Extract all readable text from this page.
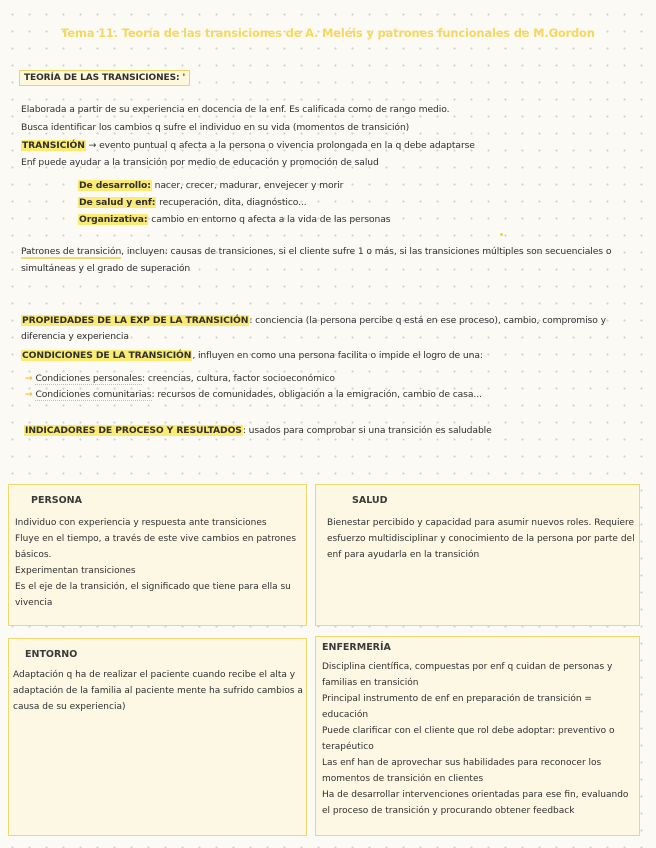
Tema 11. Teoría de las transiciones de A. Meléis y patrones funcionales de M.Gordon
TEORÍA DE LAS TRANSICIONES: '
Elaborada a partir de su experiencia en docencia de la enf. Es calificada como de rango medio.
Busca identificar los cambios q sufre el individuo en su vida (momentos de transición)
TRANSICIÓN → evento puntual q afecta a la persona o vivencia prolongada en la q debe adaptarse
Enf puede ayudar a la transición por medio de educación y promoción de salud
De desarrollo: nacer, crecer, madurar, envejecer y morir
De salud y enf: recuperación, dita, diagnóstico...
Organizativa: cambio en entorno q afecta a la vida de las personas
Patrones de transición, incluyen: causas de transiciones, si el cliente sufre 1 o más, si las transiciones múltiples son secuenciales o simultáneas y el grado de superación
PROPIEDADES DE LA EXP DE LA TRANSICIÓN: conciencia (la persona percibe q está en ese proceso), cambio, compromiso y diferencia y experiencia
CONDICIONES DE LA TRANSICIÓN, influyen en como una persona facilita o impide el logro de una:
→ Condiciones personales: creencias, cultura, factor socioeconómico
→ Condiciones comunitarias: recursos de comunidades, obligación a la emigración, cambio de casa...
INDICADORES DE PROCESO Y RESULTADOS: usados para comprobar si una transición es saludable
PERSONA

Individuo con experiencia y respuesta ante transiciones

Fluye en el tiempo, a través de este vive cambios en patrones básicos.

Experimentan transiciones

Es el eje de la transición, el significado que tiene para ella su vivencia

SALUD

Bienestar percibido y capacidad para asumir nuevos roles. Requiere esfuerzo multidisciplinar y conocimiento de la persona por parte del enf para ayudarla en la transición

ENTORNO

Adaptación q ha de realizar el paciente cuando recibe el alta y adaptación de la familia al paciente mente ha sufrido cambios a causa de su experiencia)

ENFERMERÍA

Disciplina científica, compuestas por enf q cuidan de personas y familias en transición

Principal instrumento de enf en preparación de transición = educación

Puede clarificar con el cliente que rol debe adoptar: preventivo o terapéutico

Las enf han de aprovechar sus habilidades para reconocer los momentos de transición en clientes

Ha de desarrollar intervenciones orientadas para ese fin, evaluando el proceso de transición y procurando obtener feedback
